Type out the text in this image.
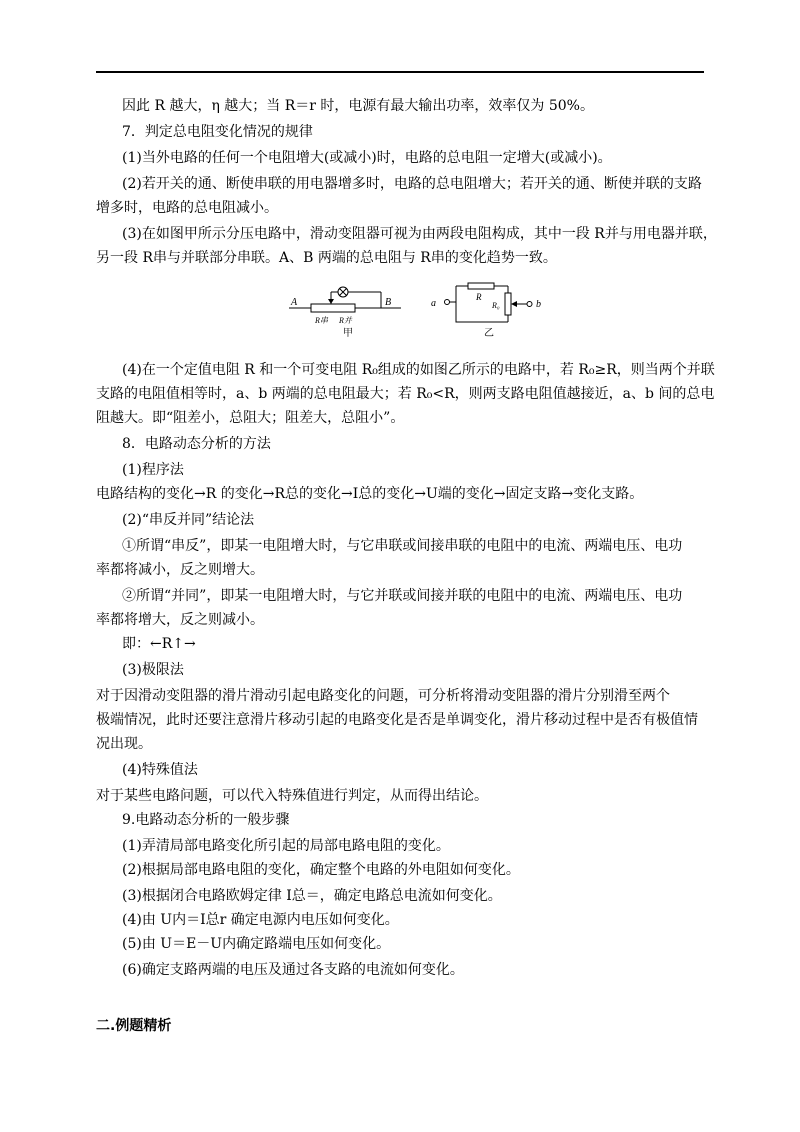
因此 R 越大，η 越大；当 R＝r 时，电源有最大输出功率，效率仅为 50%。
7．判定总电阻变化情况的规律
(1)当外电路的任何一个电阻增大(或减小)时，电路的总电阻一定增大(或减小)。
(2)若开关的通、断使串联的用电器增多时，电路的总电阻增大；若开关的通、断使并联的支路
增多时，电路的总电阻减小。
(3)在如图甲所示分压电路中，滑动变阻器可视为由两段电阻构成，其中一段 R并与用电器并联，
另一段 R串与并联部分串联。A、B 两端的总电阻与 R串的变化趋势一致。
A	B
R串 R并
甲
a	b
R
R₀
乙
(4)在一个定值电阻 R 和一个可变电阻 R₀组成的如图乙所示的电路中，若 R₀≥R，则当两个并联
支路的电阻值相等时，a、b 两端的总电阻最大；若 R₀<R，则两支路电阻值越接近，a、b 间的总电
阻越大。即“阻差小，总阻大；阻差大，总阻小”。
8．电路动态分析的方法
(1)程序法
电路结构的变化→R 的变化→R总的变化→I总的变化→U端的变化→固定支路→变化支路。
(2)“串反并同”结论法
①所谓“串反”，即某一电阻增大时，与它串联或间接串联的电阻中的电流、两端电压、电功
率都将减小，反之则增大。
②所谓“并同”，即某一电阻增大时，与它并联或间接并联的电阻中的电流、两端电压、电功
率都将增大，反之则减小。
即：←R↑→
(3)极限法
对于因滑动变阻器的滑片滑动引起电路变化的问题，可分析将滑动变阻器的滑片分别滑至两个
极端情况，此时还要注意滑片移动引起的电路变化是否是单调变化，滑片移动过程中是否有极值情
况出现。
(4)特殊值法
对于某些电路问题，可以代入特殊值进行判定，从而得出结论。
9.电路动态分析的一般步骤
(1)弄清局部电路变化所引起的局部电路电阻的变化。
(2)根据局部电路电阻的变化，确定整个电路的外电阻如何变化。
(3)根据闭合电路欧姆定律 I总＝，确定电路总电流如何变化。
(4)由 U内＝I总r 确定电源内电压如何变化。
(5)由 U＝E－U内确定路端电压如何变化。
(6)确定支路两端的电压及通过各支路的电流如何变化。
二.例题精析
